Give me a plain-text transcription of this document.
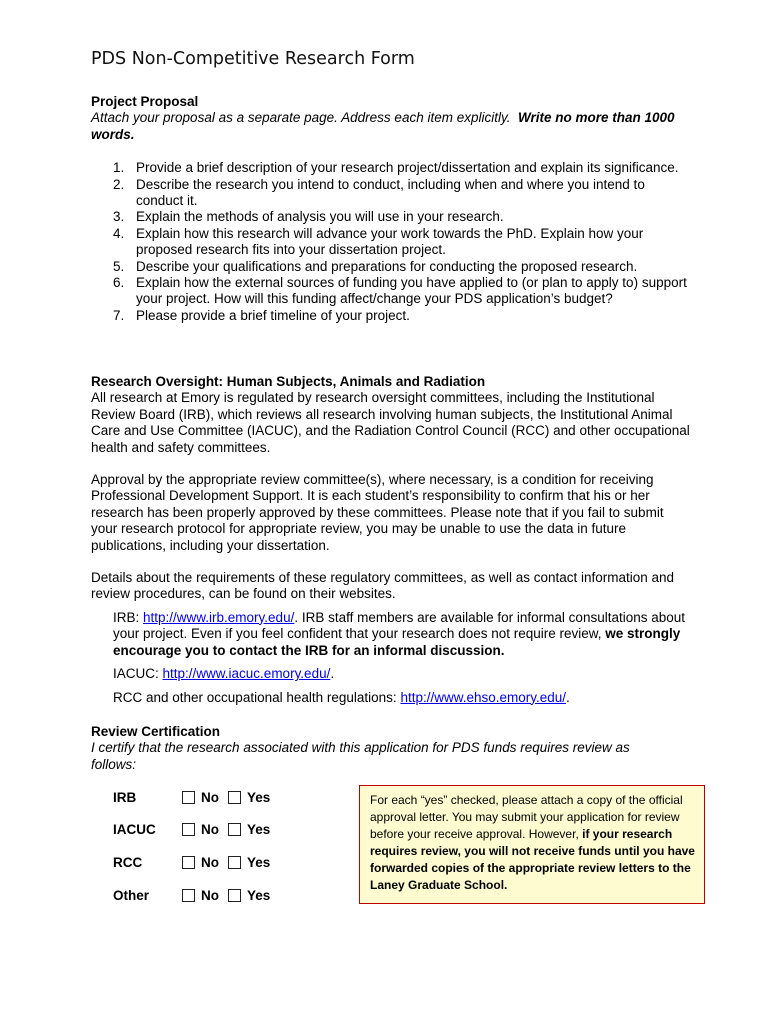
PDS Non-Competitive Research Form
Project Proposal
Attach your proposal as a separate page. Address each item explicitly. Write no more than 1000 words.
1. Provide a brief description of your research project/dissertation and explain its significance.
2. Describe the research you intend to conduct, including when and where you intend to conduct it.
3. Explain the methods of analysis you will use in your research.
4. Explain how this research will advance your work towards the PhD. Explain how your proposed research fits into your dissertation project.
5. Describe your qualifications and preparations for conducting the proposed research.
6. Explain how the external sources of funding you have applied to (or plan to apply to) support your project. How will this funding affect/change your PDS application’s budget?
7. Please provide a brief timeline of your project.
Research Oversight: Human Subjects, Animals and Radiation
All research at Emory is regulated by research oversight committees, including the Institutional Review Board (IRB), which reviews all research involving human subjects, the Institutional Animal Care and Use Committee (IACUC), and the Radiation Control Council (RCC) and other occupational health and safety committees.
Approval by the appropriate review committee(s), where necessary, is a condition for receiving Professional Development Support. It is each student’s responsibility to confirm that his or her research has been properly approved by these committees. Please note that if you fail to submit your research protocol for appropriate review, you may be unable to use the data in future publications, including your dissertation.
Details about the requirements of these regulatory committees, as well as contact information and review procedures, can be found on their websites.
IRB: http://www.irb.emory.edu/. IRB staff members are available for informal consultations about your project. Even if you feel confident that your research does not require review, we strongly encourage you to contact the IRB for an informal discussion.
IACUC: http://www.iacuc.emory.edu/.
RCC and other occupational health regulations: http://www.ehso.emory.edu/.
Review Certification
I certify that the research associated with this application for PDS funds requires review as follows:
IRB	No Yes
IACUC	No Yes
RCC	No Yes
Other	No Yes
For each “yes” checked, please attach a copy of the official approval letter. You may submit your application for review before your receive approval. However, if your research requires review, you will not receive funds until you have forwarded copies of the appropriate review letters to the Laney Graduate School.
